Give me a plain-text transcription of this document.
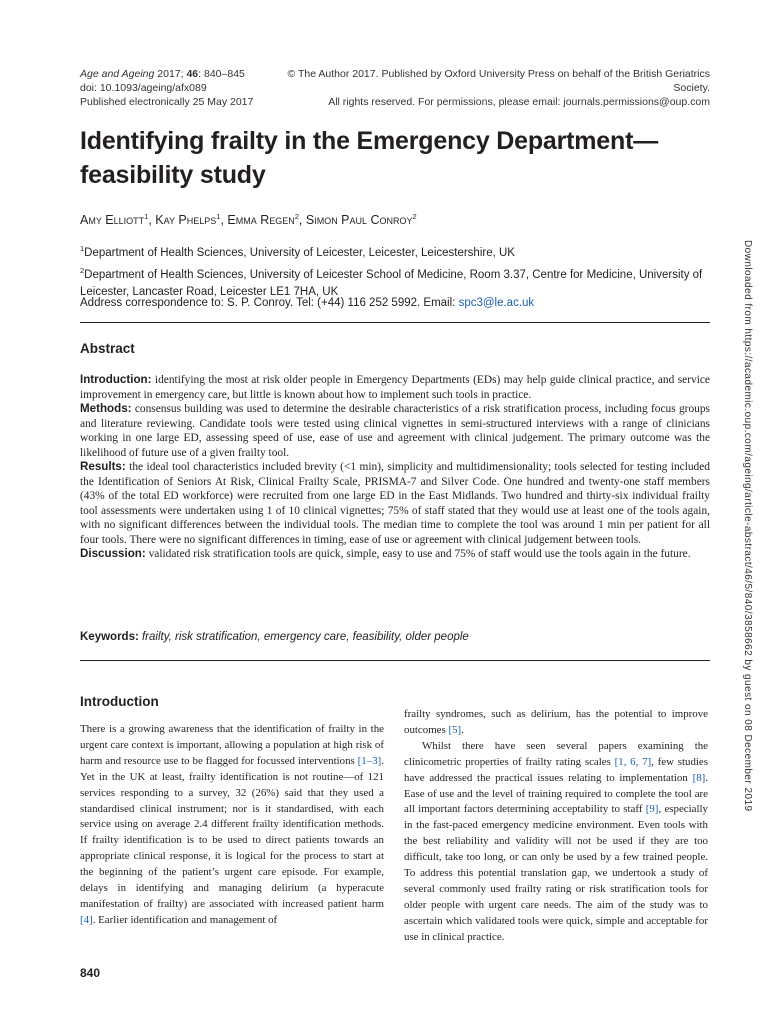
Age and Ageing 2017; 46: 840–845
doi: 10.1093/ageing/afx089
Published electronically 25 May 2017
© The Author 2017. Published by Oxford University Press on behalf of the British Geriatrics Society.
All rights reserved. For permissions, please email: journals.permissions@oup.com
Identifying frailty in the Emergency Department—feasibility study
Amy Elliott$^1$, Kay Phelps$^1$, Emma Regen$^2$, Simon Paul Conroy$^2$
$^1$Department of Health Sciences, University of Leicester, Leicester, Leicestershire, UK
$^2$Department of Health Sciences, University of Leicester School of Medicine, Room 3.37, Centre for Medicine, University of Leicester, Lancaster Road, Leicester LE1 7HA, UK
Address correspondence to: S. P. Conroy. Tel: (+44) 116 252 5992. Email: spc3@le.ac.uk
Abstract
Introduction: identifying the most at risk older people in Emergency Departments (EDs) may help guide clinical practice, and service improvement in emergency care, but little is known about how to implement such tools in practice.
Methods: consensus building was used to determine the desirable characteristics of a risk stratification process, including focus groups and literature reviewing. Candidate tools were tested using clinical vignettes in semi-structured interviews with a range of clinicians working in one large ED, assessing speed of use, ease of use and agreement with clinical judgement. The primary outcome was the likelihood of future use of a given frailty tool.
Results: the ideal tool characteristics included brevity (<1 min), simplicity and multidimensionality; tools selected for testing included the Identification of Seniors At Risk, Clinical Frailty Scale, PRISMA-7 and Silver Code. One hundred and twenty-one staff members (43% of the total ED workforce) were recruited from one large ED in the East Midlands. Two hundred and thirty-six individual frailty tool assessments were undertaken using 1 of 10 clinical vignettes; 75% of staff stated that they would use at least one of the tools again, with no significant differences between the individual tools. The median time to complete the tool was around 1 min per patient for all four tools. There were no significant differences in timing, ease of use or agreement with clinical judgement between tools.
Discussion: validated risk stratification tools are quick, simple, easy to use and 75% of staff would use the tools again in the future.
Keywords: frailty, risk stratification, emergency care, feasibility, older people
Introduction

There is a growing awareness that the identification of frailty in the urgent care context is important, allowing a population at high risk of harm and resource use to be flagged for focussed interventions [1–3]. Yet in the UK at least, frailty identification is not routine—of 121 services responding to a survey, 32 (26%) said that they used a standardised clinical instrument; nor is it standardised, with each service using on average 2.4 different frailty identification methods. If frailty identification is to be used to direct patients towards an appropriate clinical response, it is logical for the process to start at the beginning of the patient’s urgent care episode. For example, delays in identifying and managing delirium (a hyperacute manifestation of frailty) are associated with increased patient harm [4]. Earlier identification and management of

frailty syndromes, such as delirium, has the potential to improve outcomes [5].

Whilst there have seen several papers examining the clinicometric properties of frailty rating scales [1, 6, 7], few studies have addressed the practical issues relating to implementation [8]. Ease of use and the level of training required to complete the tool are all important factors determining acceptability to staff [9], especially in the fast-paced emergency medicine environment. Even tools with the best reliability and validity will not be used if they are too difficult, take too long, or can only be used by a few trained people. To address this potential translation gap, we undertook a study of several commonly used frailty rating or risk stratification tools for older people with urgent care needs. The aim of the study was to ascertain which validated tools were quick, simple and acceptable for use in clinical practice.

840
Downloaded from https://academic.oup.com/ageing/article-abstract/46/5/840/3858662 by guest on 08 December 2019
